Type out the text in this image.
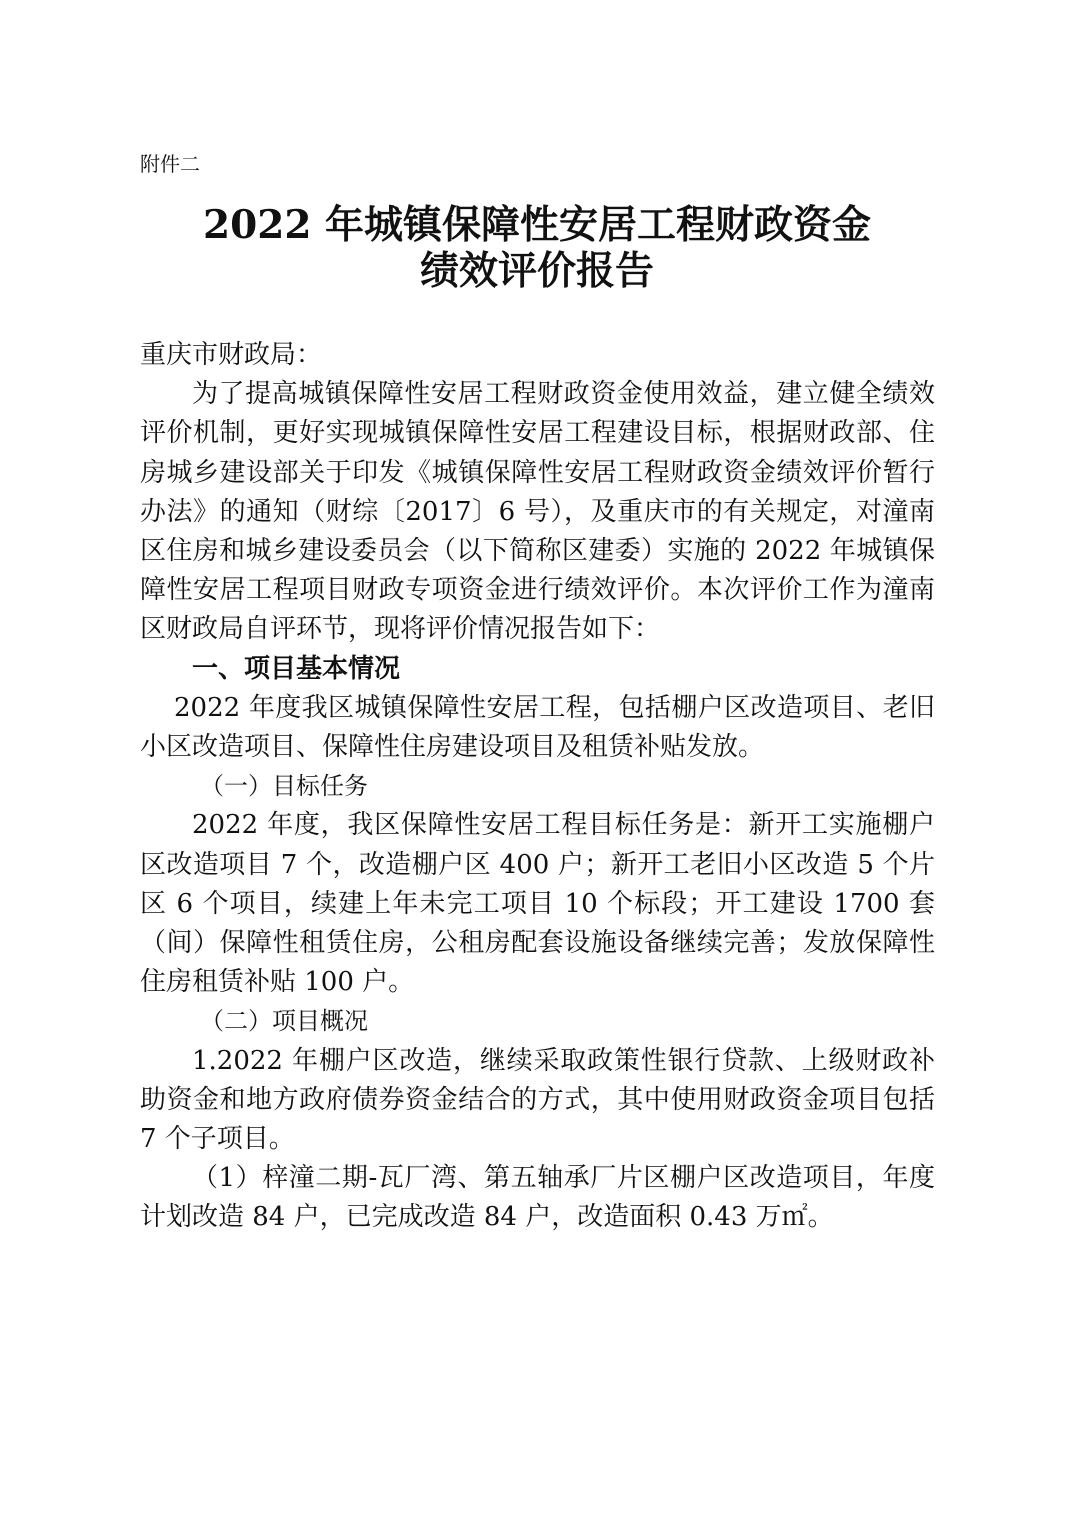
附件二
2022 年城镇保障性安居工程财政资金
绩效评价报告

重庆市财政局：

为了提高城镇保障性安居工程财政资金使用效益，建立健全绩效评价机制，更好实现城镇保障性安居工程建设目标，根据财政部、住房城乡建设部关于印发《城镇保障性安居工程财政资金绩效评价暂行办法》的通知（财综〔2017〕6 号），及重庆市的有关规定，对潼南区住房和城乡建设委员会（以下简称区建委）实施的 2022 年城镇保障性安居工程项目财政专项资金进行绩效评价。本次评价工作为潼南区财政局自评环节，现将评价情况报告如下：

一、项目基本情况

2022 年度我区城镇保障性安居工程，包括棚户区改造项目、老旧小区改造项目、保障性住房建设项目及租赁补贴发放。

（一）目标任务

2022 年度，我区保障性安居工程目标任务是：新开工实施棚户区改造项目 7 个，改造棚户区 400 户；新开工老旧小区改造 5 个片区 6 个项目，续建上年未完工项目 10 个标段；开工建设 1700 套（间）保障性租赁住房，公租房配套设施设备继续完善；发放保障性住房租赁补贴 100 户。

（二）项目概况

1.2022 年棚户区改造，继续采取政策性银行贷款、上级财政补助资金和地方政府债券资金结合的方式，其中使用财政资金项目包括 7 个子项目。

（1）梓潼二期-瓦厂湾、第五轴承厂片区棚户区改造项目，年度计划改造 84 户，已完成改造 84 户，改造面积 0.43 万㎡。
